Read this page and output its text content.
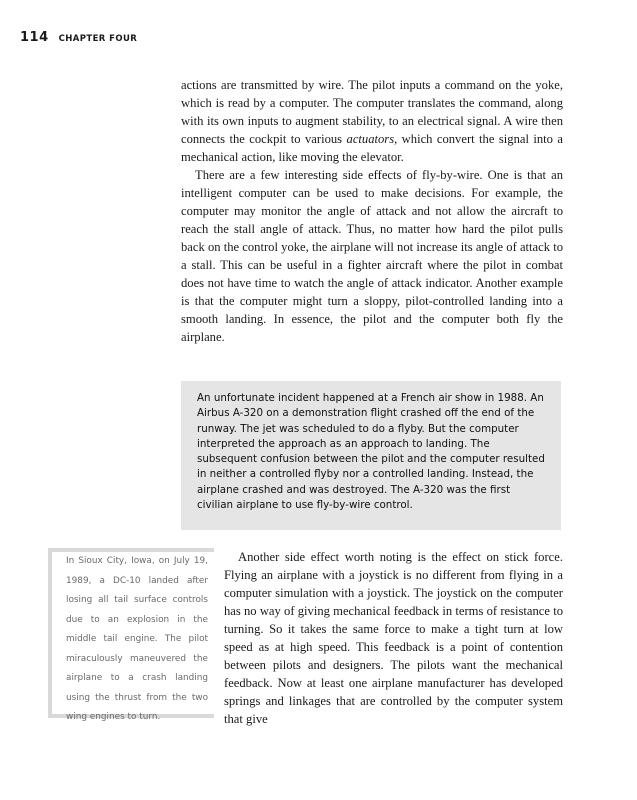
114 CHAPTER FOUR

actions are transmitted by wire. The pilot inputs a command on the yoke, which is read by a computer. The computer translates the command, along with its own inputs to augment stability, to an electrical signal. A wire then connects the cockpit to various actuators, which convert the signal into a mechanical action, like moving the elevator.

There are a few interesting side effects of fly-by-wire. One is that an intelligent computer can be used to make decisions. For example, the computer may monitor the angle of attack and not allow the aircraft to reach the stall angle of attack. Thus, no matter how hard the pilot pulls back on the control yoke, the airplane will not increase its angle of attack to a stall. This can be useful in a fighter aircraft where the pilot in combat does not have time to watch the angle of attack indicator. Another example is that the computer might turn a sloppy, pilot-controlled landing into a smooth landing. In essence, the pilot and the computer both fly the airplane.

An unfortunate incident happened at a French air show in 1988. An Airbus A-320 on a demonstration flight crashed off the end of the runway. The jet was scheduled to do a flyby. But the computer interpreted the approach as an approach to landing. The subsequent confusion between the pilot and the computer resulted in neither a controlled flyby nor a controlled landing. Instead, the airplane crashed and was destroyed. The A-320 was the first civilian airplane to use fly-by-wire control.
In Sioux City, Iowa, on July 19, 1989, a DC-10 landed after losing all tail surface controls due to an explosion in the middle tail engine. The pilot miraculously maneuvered the airplane to a crash landing using the thrust from the two wing engines to turn.

Another side effect worth noting is the effect on stick force. Flying an airplane with a joystick is no different from flying in a computer simulation with a joystick. The joystick on the computer has no way of giving mechanical feedback in terms of resistance to turning. So it takes the same force to make a tight turn at low speed as at high speed. This feedback is a point of contention between pilots and designers. The pilots want the mechanical feedback. Now at least one airplane manufacturer has developed springs and linkages that are controlled by the computer system that give
